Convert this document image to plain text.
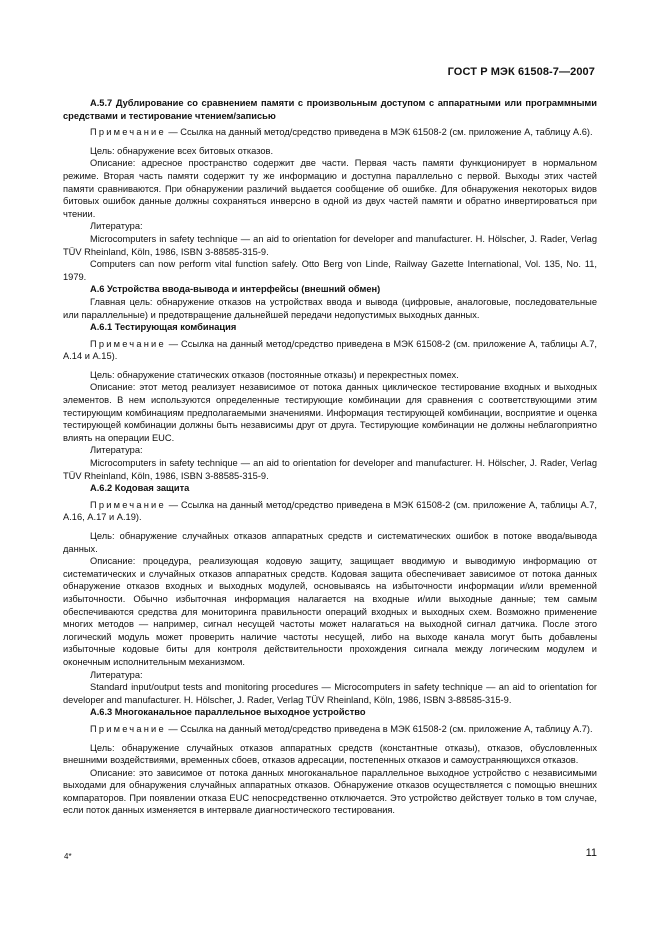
ГОСТ Р МЭК 61508-7—2007

А.5.7 Дублирование со сравнением памяти с произвольным доступом с аппаратными или программными средствами и тестирование чтением/записью

Примечание — Ссылка на данный метод/средство приведена в МЭК 61508-2 (см. приложение А, таблицу А.6).

Цель: обнаружение всех битовых отказов.

Описание: адресное пространство содержит две части. Первая часть памяти функционирует в нормальном режиме. Вторая часть памяти содержит ту же информацию и доступна параллельно с первой. Выходы этих частей памяти сравниваются. При обнаружении различий выдается сообщение об ошибке. Для обнаружения некоторых видов битовых ошибок данные должны сохраняться инверсно в одной из двух частей памяти и обратно инвертироваться при чтении.

Литература:

Microcomputers in safety technique — an aid to orientation for developer and manufacturer. H. Hölscher, J. Rader, Verlag TÜV Rheinland, Köln, 1986, ISBN 3-88585-315-9.

Computers can now perform vital function safely. Otto Berg von Linde, Railway Gazette International, Vol. 135, No. 11, 1979.

А.6 Устройства ввода-вывода и интерфейсы (внешний обмен)

Главная цель: обнаружение отказов на устройствах ввода и вывода (цифровые, аналоговые, последовательные или параллельные) и предотвращение дальнейшей передачи недопустимых выходных данных.

А.6.1 Тестирующая комбинация

Примечание — Ссылка на данный метод/средство приведена в МЭК 61508-2 (см. приложение А, таблицы А.7, А.14 и А.15).

Цель: обнаружение статических отказов (постоянные отказы) и перекрестных помех.

Описание: этот метод реализует независимое от потока данных циклическое тестирование входных и выходных элементов. В нем используются определенные тестирующие комбинации для сравнения с соответствующими этим тестирующим комбинациям предполагаемыми значениями. Информация тестирующей комбинации, восприятие и оценка тестирующей комбинации должны быть независимы друг от друга. Тестирующие комбинации не должны неблагоприятно влиять на операции EUC.

Литература:

Microcomputers in safety technique — an aid to orientation for developer and manufacturer. H. Hölscher, J. Rader, Verlag TÜV Rheinland, Köln, 1986, ISBN 3-88585-315-9.

А.6.2 Кодовая защита

Примечание — Ссылка на данный метод/средство приведена в МЭК 61508-2 (см. приложение А, таблицы А.7, А.16, А.17 и А.19).

Цель: обнаружение случайных отказов аппаратных средств и систематических ошибок в потоке ввода/вывода данных.

Описание: процедура, реализующая кодовую защиту, защищает вводимую и выводимую информацию от систематических и случайных отказов аппаратных средств. Кодовая защита обеспечивает зависимое от потока данных обнаружение отказов входных и выходных модулей, основываясь на избыточности информации и/или временной избыточности. Обычно избыточная информация налагается на входные и/или выходные данные; тем самым обеспечиваются средства для мониторинга правильности операций входных и выходных схем. Возможно применение многих методов — например, сигнал несущей частоты может налагаться на выходной сигнал датчика. После этого логический модуль может проверить наличие частоты несущей, либо на выходе канала могут быть добавлены избыточные кодовые биты для контроля действительности прохождения сигнала между логическим модулем и оконечным исполнительным механизмом.

Литература:

Standard input/output tests and monitoring procedures — Microcomputers in safety technique — an aid to orientation for developer and manufacturer. H. Hölscher, J. Rader, Verlag TÜV Rheinland, Köln, 1986, ISBN 3-88585-315-9.

А.6.3 Многоканальное параллельное выходное устройство

Примечание — Ссылка на данный метод/средство приведена в МЭК 61508-2 (см. приложение А, таблицу А.7).

Цель: обнаружение случайных отказов аппаратных средств (константные отказы), отказов, обусловленных внешними воздействиями, временных сбоев, отказов адресации, постепенных отказов и самоустраняющихся отказов.

Описание: это зависимое от потока данных многоканальное параллельное выходное устройство с независимыми выходами для обнаружения случайных аппаратных отказов. Обнаружение отказов осуществляется с помощью внешних компараторов. При появлении отказа EUC непосредственно отключается. Это устройство действует только в том случае, если поток данных изменяется в интервале диагностического тестирования.

4*	11
